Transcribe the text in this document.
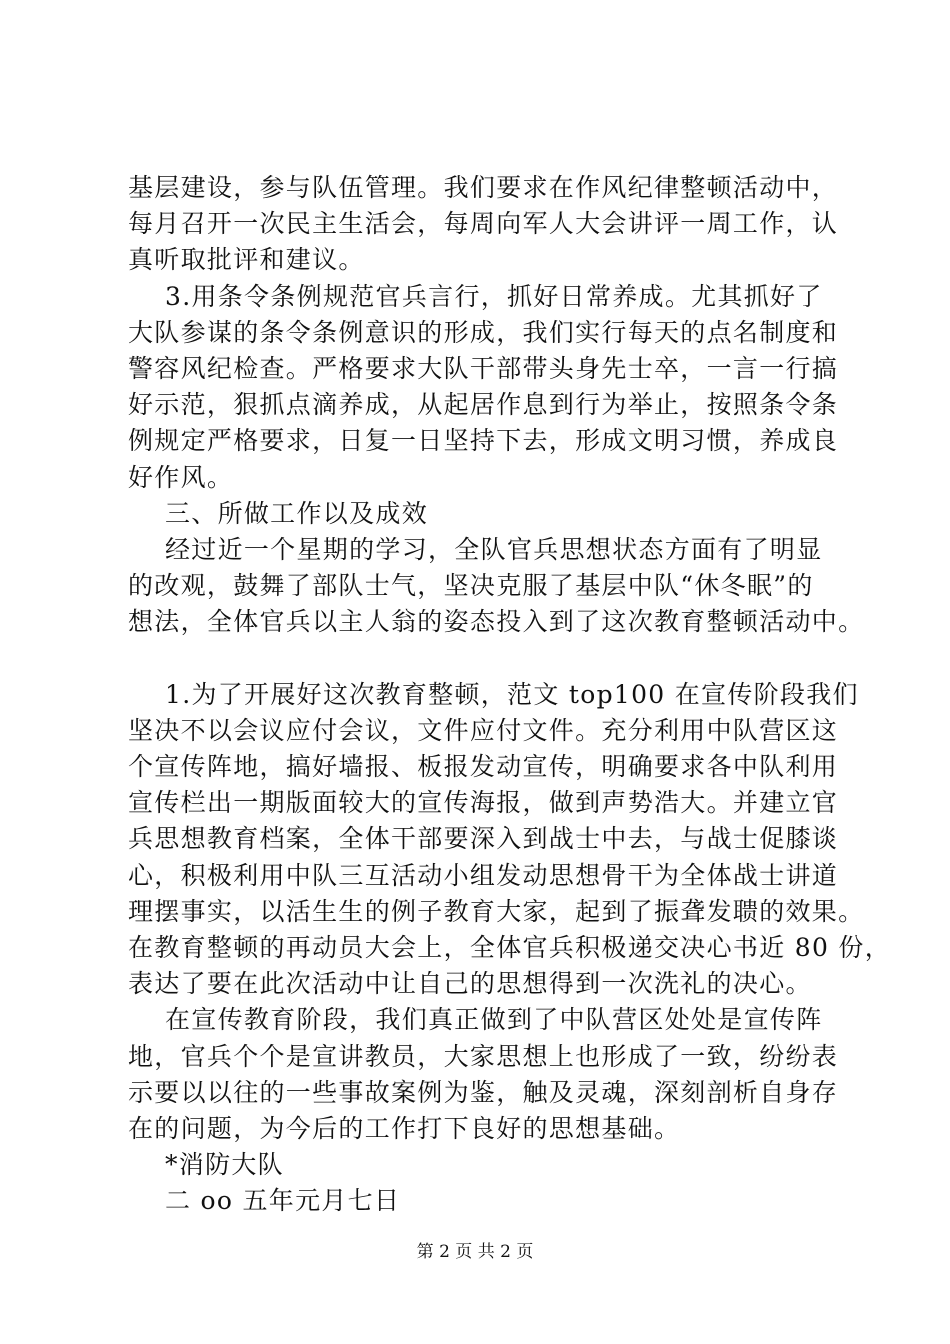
基层建设，参与队伍管理。我们要求在作风纪律整顿活动中，
每月召开一次民主生活会，每周向军人大会讲评一周工作，认
真听取批评和建议。
3.用条令条例规范官兵言行，抓好日常养成。尤其抓好了
大队参谋的条令条例意识的形成，我们实行每天的点名制度和
警容风纪检查。严格要求大队干部带头身先士卒，一言一行搞
好示范，狠抓点滴养成，从起居作息到行为举止，按照条令条
例规定严格要求，日复一日坚持下去，形成文明习惯，养成良
好作风。
三、所做工作以及成效
经过近一个星期的学习，全队官兵思想状态方面有了明显
的改观，鼓舞了部队士气，坚决克服了基层中队“休冬眠”的
想法，全体官兵以主人翁的姿态投入到了这次教育整顿活动中。
1.为了开展好这次教育整顿，范文 top100 在宣传阶段我们
坚决不以会议应付会议，文件应付文件。充分利用中队营区这
个宣传阵地，搞好墙报、板报发动宣传，明确要求各中队利用
宣传栏出一期版面较大的宣传海报，做到声势浩大。并建立官
兵思想教育档案，全体干部要深入到战士中去，与战士促膝谈
心，积极利用中队三互活动小组发动思想骨干为全体战士讲道
理摆事实，以活生生的例子教育大家，起到了振聋发聩的效果。
在教育整顿的再动员大会上，全体官兵积极递交决心书近 80 份，
表达了要在此次活动中让自己的思想得到一次洗礼的决心。
在宣传教育阶段，我们真正做到了中队营区处处是宣传阵
地，官兵个个是宣讲教员，大家思想上也形成了一致，纷纷表
示要以以往的一些事故案例为鉴，触及灵魂，深刻剖析自身存
在的问题，为今后的工作打下良好的思想基础。
*消防大队
二 oo 五年元月七日
第 2 页 共 2 页
